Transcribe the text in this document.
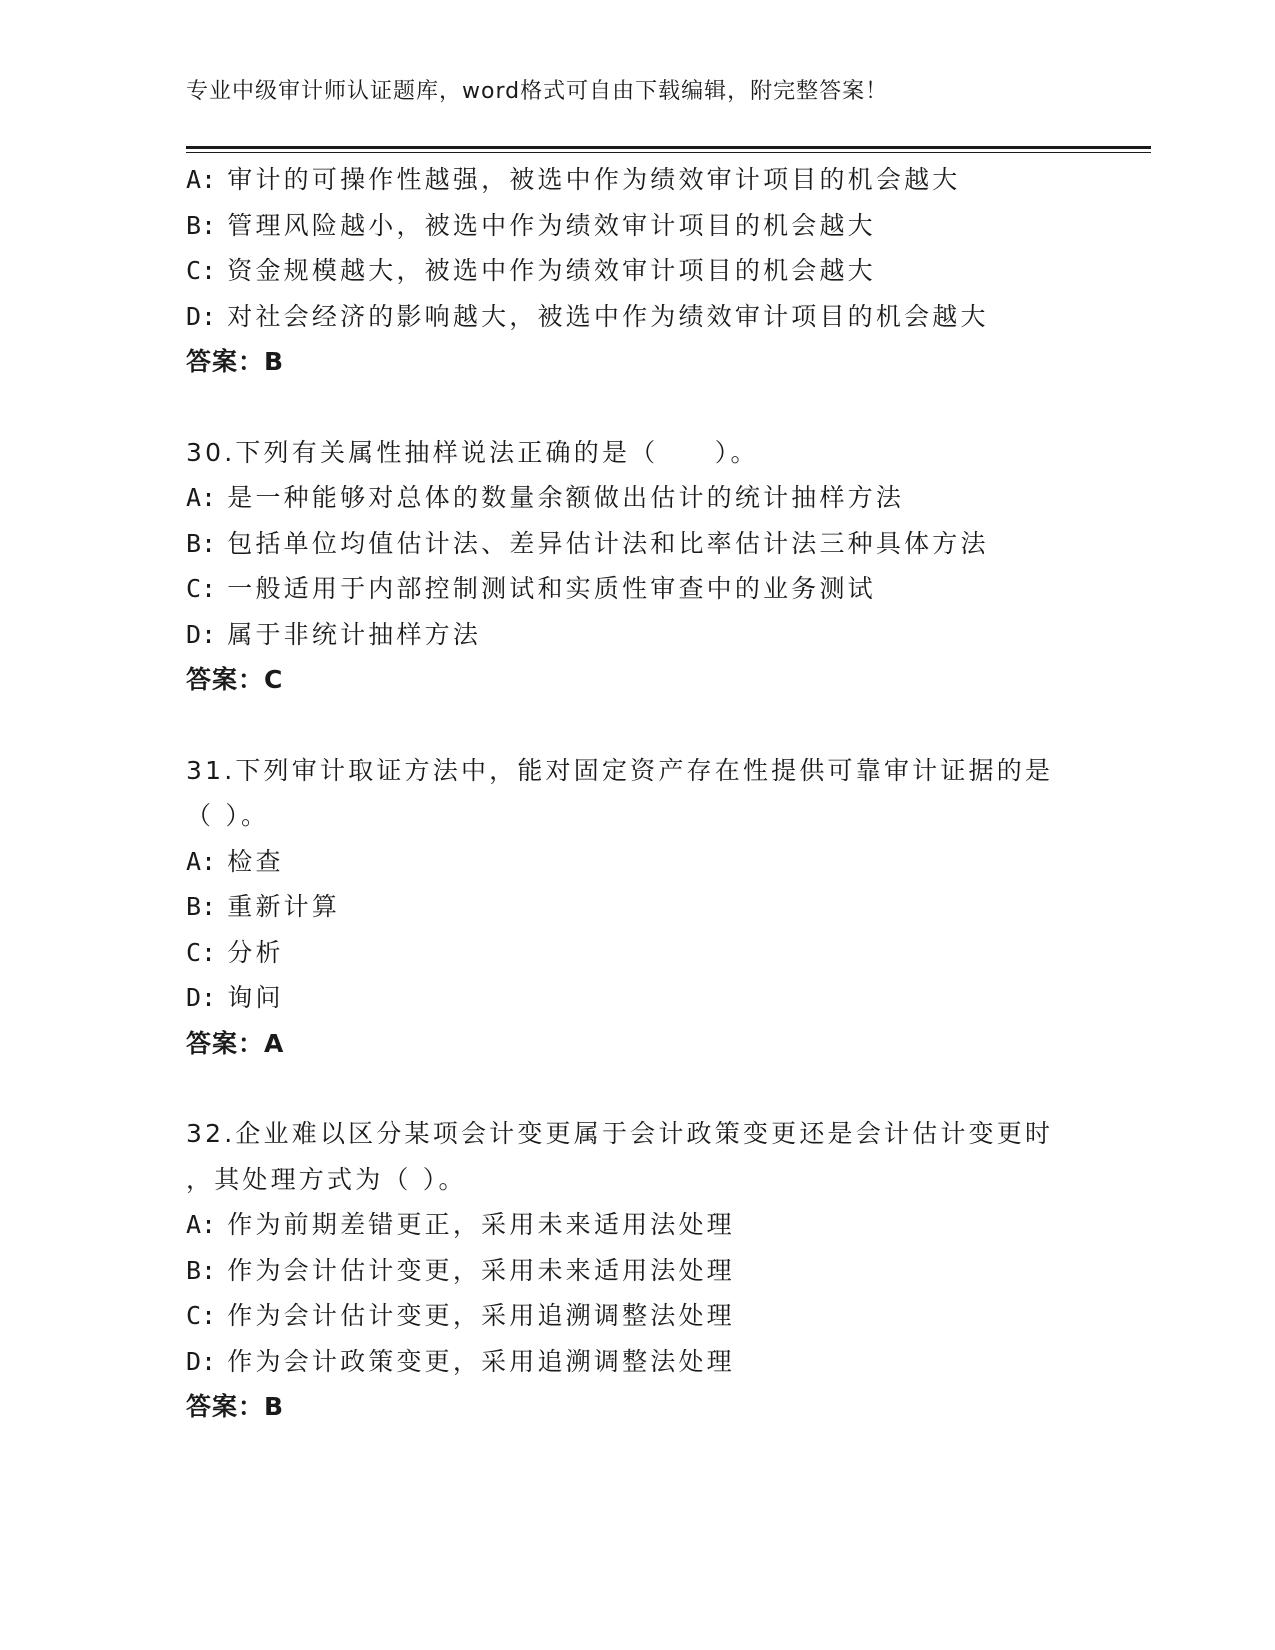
专业中级审计师认证题库，word格式可自由下载编辑，附完整答案！
A: 审计的可操作性越强，被选中作为绩效审计项目的机会越大
B: 管理风险越小，被选中作为绩效审计项目的机会越大
C: 资金规模越大，被选中作为绩效审计项目的机会越大
D: 对社会经济的影响越大，被选中作为绩效审计项目的机会越大
答案：B
30.下列有关属性抽样说法正确的是（　　）。
A: 是一种能够对总体的数量余额做出估计的统计抽样方法
B: 包括单位均值估计法、差异估计法和比率估计法三种具体方法
C: 一般适用于内部控制测试和实质性审查中的业务测试
D: 属于非统计抽样方法
答案：C
31.下列审计取证方法中，能对固定资产存在性提供可靠审计证据的是
（ ）。
A: 检查
B: 重新计算
C: 分析
D: 询问
答案：A
32.企业难以区分某项会计变更属于会计政策变更还是会计估计变更时
，其处理方式为（ ）。
A: 作为前期差错更正，采用未来适用法处理
B: 作为会计估计变更，采用未来适用法处理
C: 作为会计估计变更，采用追溯调整法处理
D: 作为会计政策变更，采用追溯调整法处理
答案：B
